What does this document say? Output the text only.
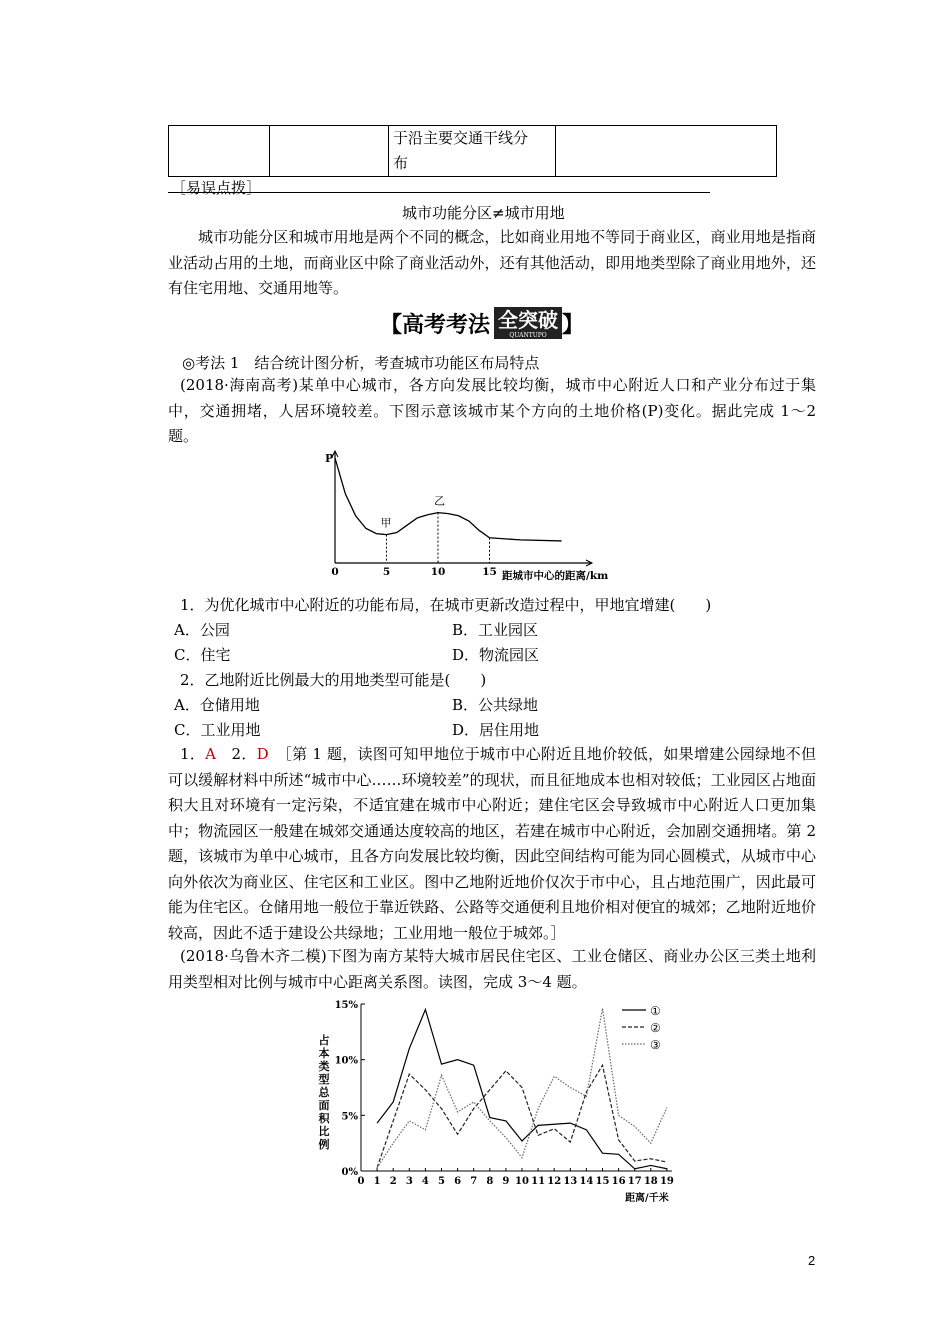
于沿主要交通干线分
布

［易误点拨］
城市功能分区≠城市用地
城市功能分区和城市用地是两个不同的概念，比如商业用地不等同于商业区，商业用地是指商业活动占用的土地，而商业区中除了商业活动外，还有其他活动，即用地类型除了商业用地外，还有住宅用地、交通用地等。
【 高考考法 全突破
QUANTUPO 】
◎考法 1　结合统计图分析，考查城市功能区布局特点
(2018·海南高考)某单中心城市，各方向发展比较均衡，城市中心附近人口和产业分布过于集中，交通拥堵，人居环境较差。下图示意该城市某个方向的土地价格(P)变化。据此完成 1～2 题。
P
距城市中心的距离/km
0	5	10	15
甲
乙
1．为优化城市中心附近的功能布局，在城市更新改造过程中，甲地宜增建(　　)
A．公园	B．工业园区
C．住宅	D．物流园区
2．乙地附近比例最大的用地类型可能是(　　)
A．仓储用地	B．公共绿地
C．工业用地	D．居住用地
1．A　 2．D　 ［第 1 题，读图可知甲地位于城市中心附近且地价较低，如果增建公园绿地不但可以缓解材料中所述“城市中心……环境较差”的现状，而且征地成本也相对较低；工业园区占地面积大且对环境有一定污染，不适宜建在城市中心附近；建住宅区会导致城市中心附近人口更加集中；物流园区一般建在城郊交通通达度较高的地区，若建在城市中心附近，会加剧交通拥堵。第 2 题，该城市为单中心城市，且各方向发展比较均衡，因此空间结构可能为同心圆模式，从城市中心向外依次为商业区、住宅区和工业区。图中乙地附近地价仅次于市中心，且占地范围广，因此最可能为住宅区。仓储用地一般位于靠近铁路、公路等交通便利且地价相对便宜的城郊；乙地附近地价较高，因此不适于建设公共绿地；工业用地一般位于城郊。］
(2018·乌鲁木齐二模)下图为南方某特大城市居民住宅区、工业仓储区、商业办公区三类土地利用类型相对比例与城市中心距离关系图。读图，完成 3～4 题。
0%
5%
10%
15%
0 1 2 3 4 5 6 7 8 9 10 11 12 13 14 15 16 17 18 19
占
本
类
型
总
面
积
比
例
距离/千米
①
②
③
2
